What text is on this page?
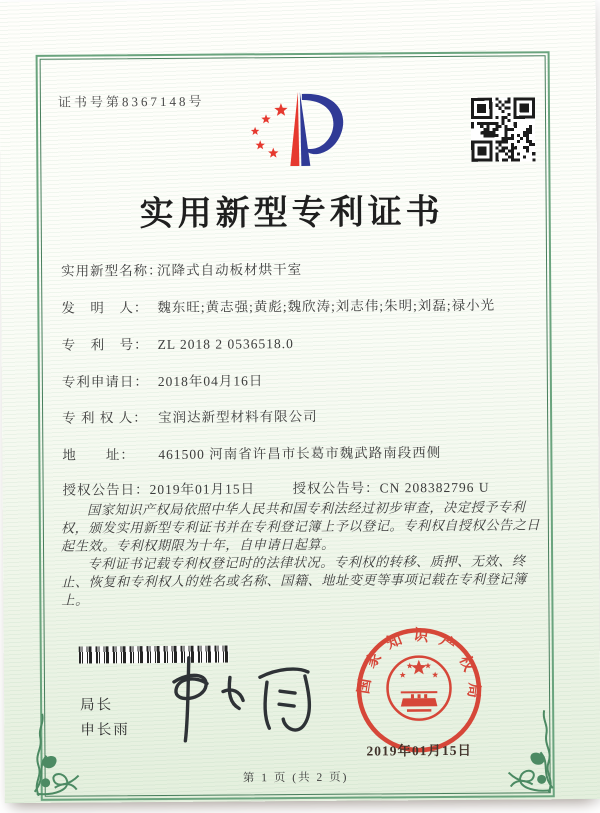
证书号第8367148号
实用新型专利证书
实用新型名称：沉降式自动板材烘干室
发　明　人： 魏东旺;黄志强;黄彪;魏欣涛;刘志伟;朱明;刘磊;禄小光
专　利　号： ZL 2018 2 0536518.0
专利申请日： 2018年04月16日
专 利 权 人： 宝润达新型材料有限公司
地　　址： 461500 河南省许昌市长葛市魏武路南段西侧
授权公告日：2019年01月15日	授权公告号：CN 208382796 U

国家知识产权局依照中华人民共和国专利法经过初步审查，决定授予专利权，颁发实用新型专利证书并在专利登记簿上予以登记。专利权自授权公告之日起生效。专利权期限为十年，自申请日起算。

专利证书记载专利权登记时的法律状况。专利权的转移、质押、无效、终止、恢复和专利权人的姓名或名称、国籍、地址变更等事项记载在专利登记簿上。

局长
申长雨
国家知识产权局
2019年01月15日
第 1 页 (共 2 页)
